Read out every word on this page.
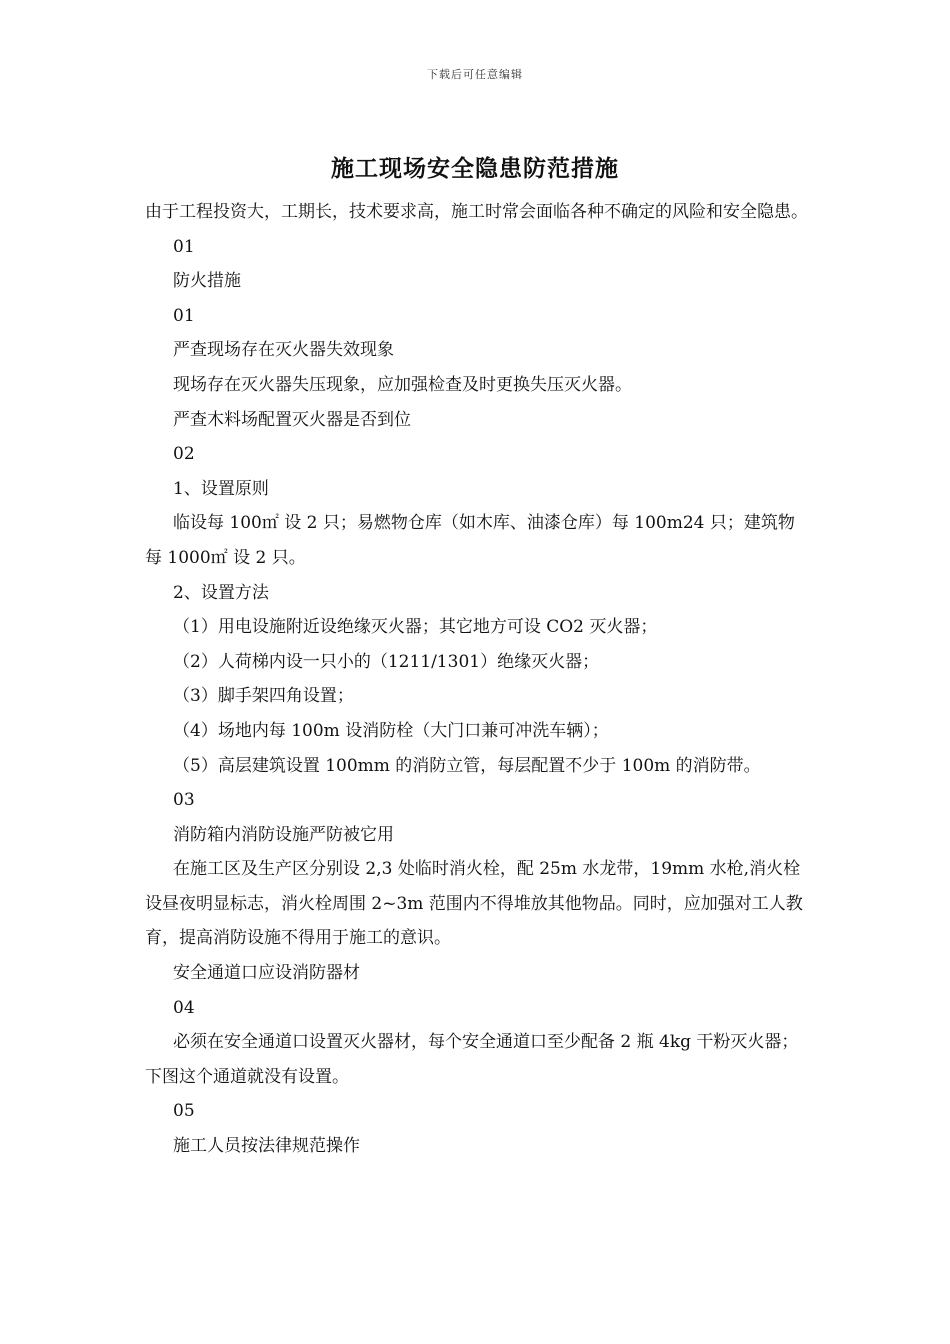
下载后可任意编辑
施工现场安全隐患防范措施

由于工程投资大，工期长，技术要求高，施工时常会面临各种不确定的风险和安全隐患。

01

防火措施

01

严查现场存在灭火器失效现象

现场存在灭火器失压现象，应加强检查及时更换失压灭火器。

严查木料场配置灭火器是否到位

02

1、设置原则

临设每 100㎡ 设 2 只；易燃物仓库（如木库、油漆仓库）每 100m24 只；建筑物每 1000㎡ 设 2 只。

2、设置方法

（1）用电设施附近设绝缘灭火器；其它地方可设 CO2 灭火器；

（2）人荷梯内设一只小的（1211/1301）绝缘灭火器；

（3）脚手架四角设置；

（4）场地内每 100m 设消防栓（大门口兼可冲洗车辆）；

（5）高层建筑设置 100mm 的消防立管，每层配置不少于 100m 的消防带。

03

消防箱内消防设施严防被它用

在施工区及生产区分别设 2,3 处临时消火栓，配 25m 水龙带，19mm 水枪,消火栓设昼夜明显标志，消火栓周围 2~3m 范围内不得堆放其他物品。同时，应加强对工人教育，提高消防设施不得用于施工的意识。

安全通道口应设消防器材

04

必须在安全通道口设置灭火器材，每个安全通道口至少配备 2 瓶 4kg 干粉灭火器；下图这个通道就没有设置。

05

施工人员按法律规范操作
